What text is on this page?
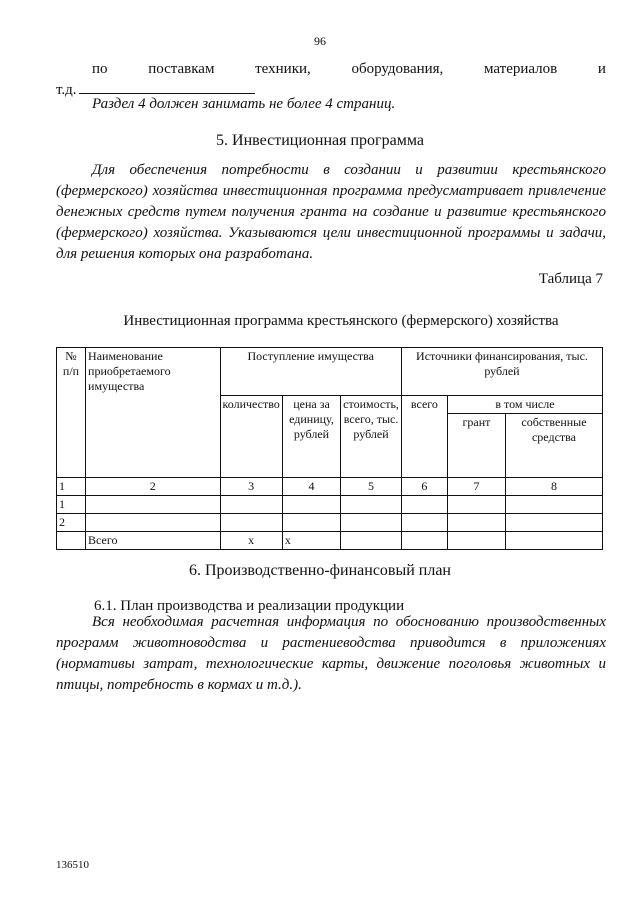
96
по	поставкам	техники,	оборудования,	материалов	и
т.д.
Раздел 4 должен занимать не более 4 страниц.
5. Инвестиционная программа

Для обеспечения потребности в создании и развитии крестьянского (фермерского) хозяйства инвестиционная программа предусматривает привлечение денежных средств путем получения гранта на создание и развитие крестьянского (фермерского) хозяйства. Указываются цели инвестиционной программы и задачи, для решения которых она разработана.

Таблица 7
Инвестиционная программа крестьянского (фермерского) хозяйства
№ п/п	Наименование приобретаемого имущества	Поступление имущества			Источники финансирования, тыс. рублей		
		количество	цена за единицу, рублей	стоимость, всего, тыс. рублей	всего	в том числе	
						грант	собственные средства
1	2	3	4	5	6	7	8
1							
2							
	Всего	х	х				
6. Производственно-финансовый план
6.1. План производства и реализации продукции

Вся необходимая расчетная информация по обоснованию производственных программ животноводства и растениеводства приводится в приложениях (нормативы затрат, технологические карты, движение поголовья животных и птицы, потребность в кормах и т.д.).

136510
